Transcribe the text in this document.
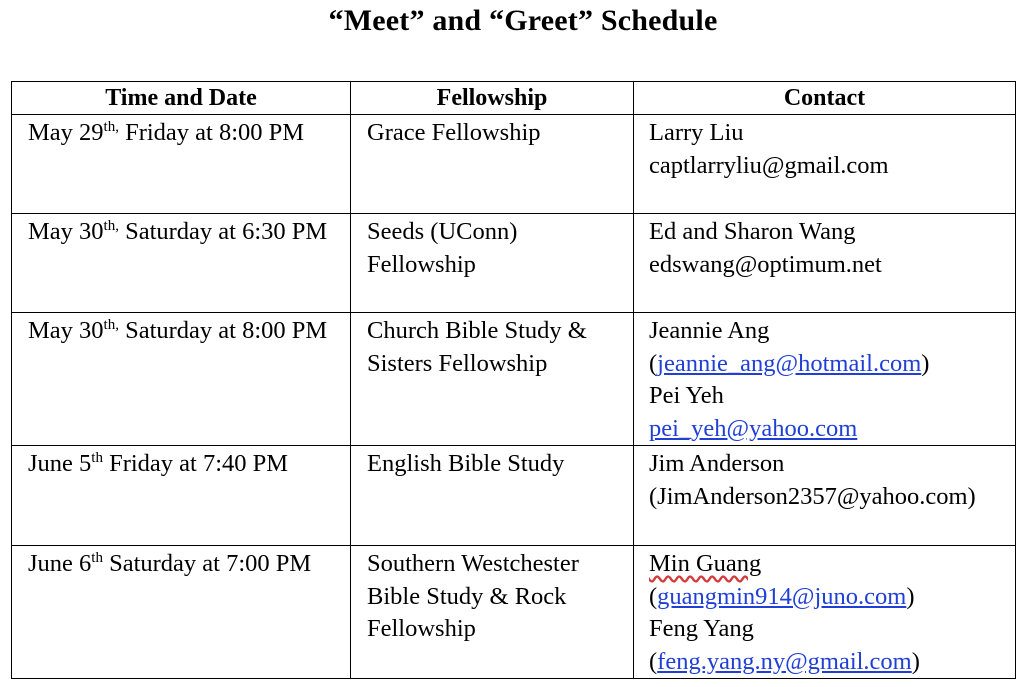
“Meet” and “Greet” Schedule
Time and Date	Fellowship	Contact
May $29^{th,}$ Friday at 8:00 PM	Grace Fellowship	Larry Liu
captlarryliu@gmail.com

May $30^{th,}$ Saturday at 6:30 PM	Seeds (UConn) Fellowship	Ed and Sharon Wang
edswang@optimum.net

May $30^{th,}$ Saturday at 8:00 PM	Church Bible Study & Sisters Fellowship	Jeannie Ang
(jeannie_ang@hotmail.com)
Pei Yeh
pei_yeh@yahoo.com

June 5th Friday at 7:40 PM	English Bible Study	Jim Anderson
(JimAnderson2357@yahoo.com)

June 6th Saturday at 7:00 PM	Southern Westchester Bible Study & Rock Fellowship	Min Guang
(guangmin914@juno.com)
Feng Yang
(feng.yang.ny@gmail.com)
